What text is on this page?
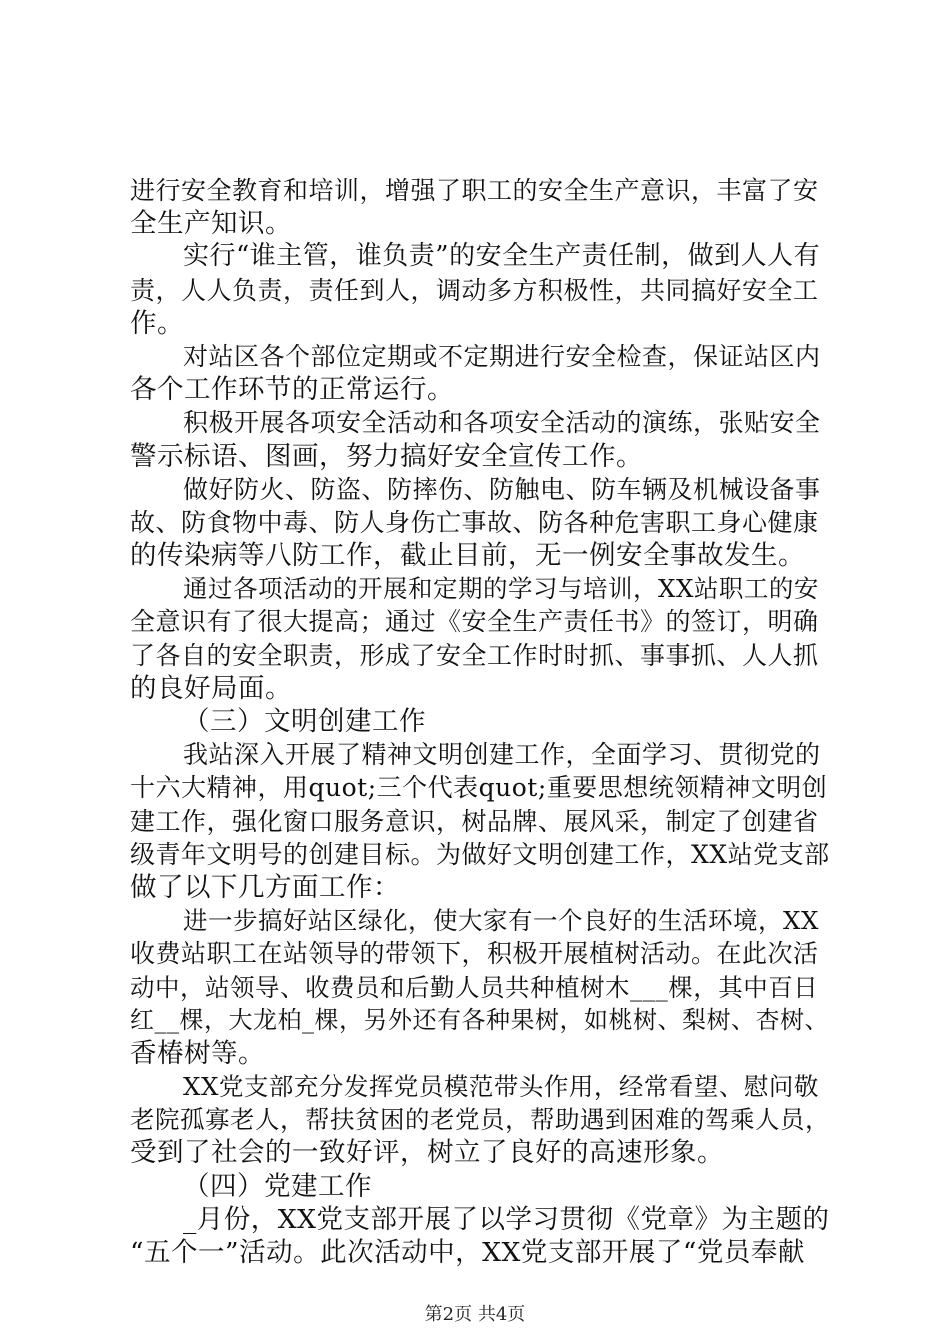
进行安全教育和培训，增强了职工的安全生产意识，丰富了安
全生产知识。
实行“谁主管，谁负责”的安全生产责任制，做到人人有
责，人人负责，责任到人，调动多方积极性，共同搞好安全工
作。
对站区各个部位定期或不定期进行安全检查，保证站区内
各个工作环节的正常运行。
积极开展各项安全活动和各项安全活动的演练，张贴安全
警示标语、图画，努力搞好安全宣传工作。
做好防火、防盗、防摔伤、防触电、防车辆及机械设备事
故、防食物中毒、防人身伤亡事故、防各种危害职工身心健康
的传染病等八防工作，截止目前，无一例安全事故发生。
通过各项活动的开展和定期的学习与培训，XX站职工的安
全意识有了很大提高；通过《安全生产责任书》的签订，明确
了各自的安全职责，形成了安全工作时时抓、事事抓、人人抓
的良好局面。
（三）文明创建工作
我站深入开展了精神文明创建工作，全面学习、贯彻党的
十六大精神，用quot;三个代表quot;重要思想统领精神文明创
建工作，强化窗口服务意识，树品牌、展风采，制定了创建省
级青年文明号的创建目标。为做好文明创建工作，XX站党支部
做了以下几方面工作：
进一步搞好站区绿化，使大家有一个良好的生活环境，XX
收费站职工在站领导的带领下，积极开展植树活动。在此次活
动中，站领导、收费员和后勤人员共种植树木___棵，其中百日
红__棵，大龙柏_棵，另外还有各种果树，如桃树、梨树、杏树、
香椿树等。
XX党支部充分发挥党员模范带头作用，经常看望、慰问敬
老院孤寡老人，帮扶贫困的老党员，帮助遇到困难的驾乘人员，
受到了社会的一致好评，树立了良好的高速形象。
（四）党建工作
_月份，XX党支部开展了以学习贯彻《党章》为主题的
“五个一”活动。此次活动中，XX党支部开展了“党员奉献
第2页 共4页
